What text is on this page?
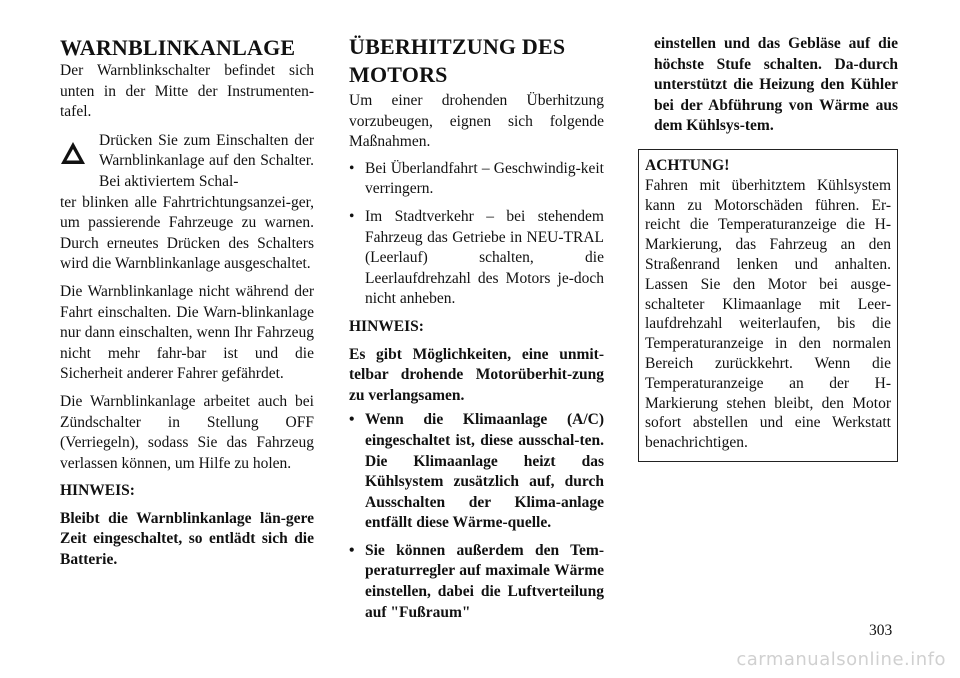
WARNBLINKANLAGE

Der Warnblinkschalter befindet sich unten in der Mitte der Instrumenten-tafel.

Drücken Sie zum Einschalten der Warnblinkanlage auf den Schalter. Bei aktiviertem Schal-
ter blinken alle Fahrtrichtungsanzei-ger, um passierende Fahrzeuge zu warnen. Durch erneutes Drücken des Schalters wird die Warnblinkanlage ausgeschaltet.

Die Warnblinkanlage nicht während der Fahrt einschalten. Die Warn-blinkanlage nur dann einschalten, wenn Ihr Fahrzeug nicht mehr fahr-bar ist und die Sicherheit anderer Fahrer gefährdet.

Die Warnblinkanlage arbeitet auch bei Zündschalter in Stellung OFF (Verriegeln), sodass Sie das Fahrzeug verlassen können, um Hilfe zu holen.

HINWEIS:

Bleibt die Warnblinkanlage län-gere Zeit eingeschaltet, so entlädt sich die Batterie.

ÜBERHITZUNG DES
MOTORS

Um einer drohenden Überhitzung vorzubeugen, eignen sich folgende Maßnahmen.

• Bei Überlandfahrt – Geschwindig-keit verringern.
• Im Stadtverkehr – bei stehendem Fahrzeug das Getriebe in NEU-TRAL (Leerlauf) schalten, die Leerlaufdrehzahl des Motors je-doch nicht anheben.
HINWEIS:

Es gibt Möglichkeiten, eine unmit-telbar drohende Motorüberhit-zung zu verlangsamen.

• Wenn die Klimaanlage (A/C) eingeschaltet ist, diese ausschal-ten. Die Klimaanlage heizt das Kühlsystem zusätzlich auf, durch Ausschalten der Klima-anlage entfällt diese Wärme-quelle.
• Sie können außerdem den Tem-peraturregler auf maximale Wärme einstellen, dabei die Luftverteilung auf "Fußraum"
einstellen und das Gebläse auf die höchste Stufe schalten. Da-durch unterstützt die Heizung den Kühler bei der Abführung von Wärme aus dem Kühlsys-tem.
ACHTUNG!
Fahren mit überhitztem Kühlsystem kann zu Motorschäden führen. Er-reicht die Temperaturanzeige die H-Markierung, das Fahrzeug an den Straßenrand lenken und anhalten. Lassen Sie den Motor bei ausge-schalteter Klimaanlage mit Leer-laufdrehzahl weiterlaufen, bis die Temperaturanzeige in den normalen Bereich zurückkehrt. Wenn die Temperaturanzeige an der H-Markierung stehen bleibt, den Motor sofort abstellen und eine Werkstatt benachrichtigen.
303
carmanualsonline.info
